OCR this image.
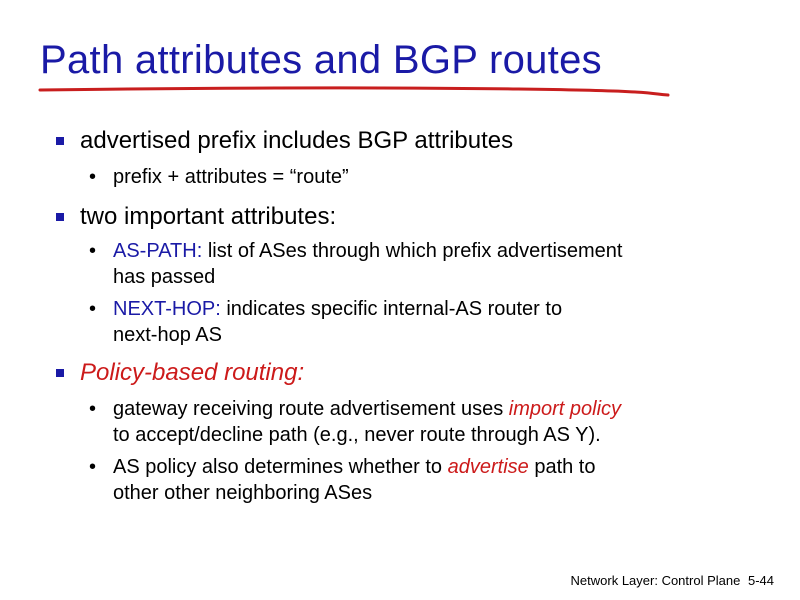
Path attributes and BGP routes
advertised prefix includes BGP attributes
• prefix + attributes = “route”
two important attributes:
• AS-PATH: list of ASes through which prefix advertisement
has passed
• NEXT-HOP: indicates specific internal-AS router to
next-hop AS
Policy-based routing:
• gateway receiving route advertisement uses import policy
to accept/decline path (e.g., never route through AS Y).
• AS policy also determines whether to advertise path to
other other neighboring ASes
Network Layer: Control Plane 5-44
